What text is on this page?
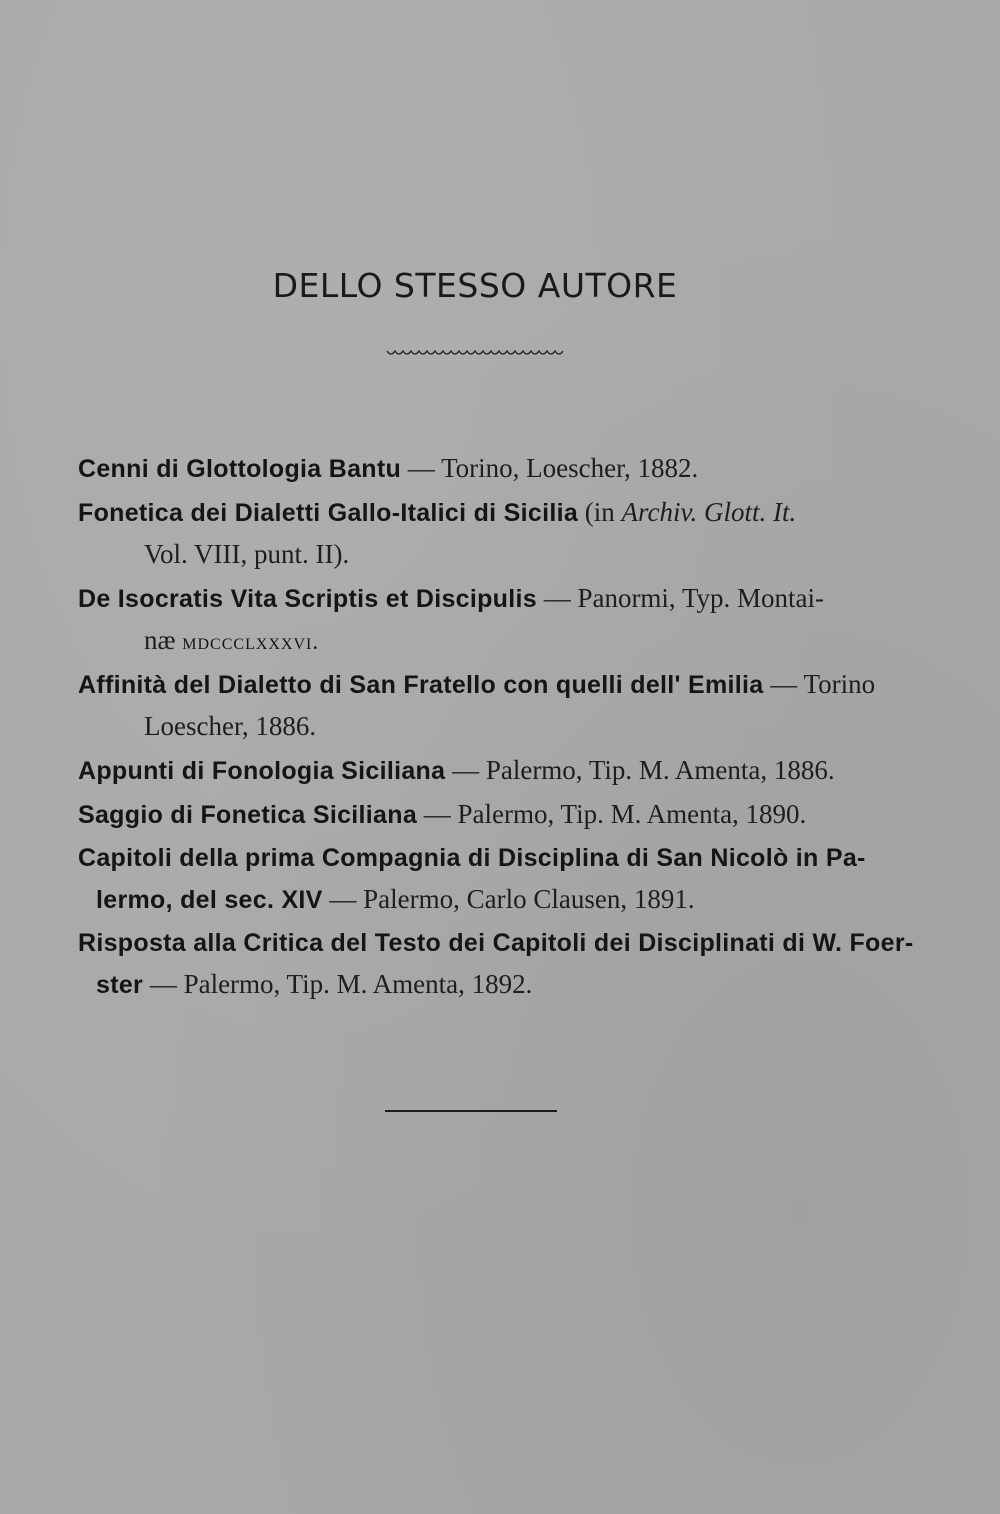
DELLO STESSO AUTORE
Cenni di Glottologia Bantu — Torino, Loescher, 1882.
Fonetica dei Dialetti Gallo-Italici di Sicilia (in Archiv. Glott. It.
Vol. VIII, punt. II).
De Isocratis Vita Scriptis et Discipulis — Panormi, Typ. Montai-
næ mdccclxxxvi.
Affinità del Dialetto di San Fratello con quelli dell' Emilia — Torino
Loescher, 1886.
Appunti di Fonologia Siciliana — Palermo, Tip. M. Amenta, 1886.
Saggio di Fonetica Siciliana — Palermo, Tip. M. Amenta, 1890.
Capitoli della prima Compagnia di Disciplina di San Nicolò in Pa-
lermo, del sec. XIV — Palermo, Carlo Clausen, 1891.
Risposta alla Critica del Testo dei Capitoli dei Disciplinati di W. Foer-
ster — Palermo, Tip. M. Amenta, 1892.
